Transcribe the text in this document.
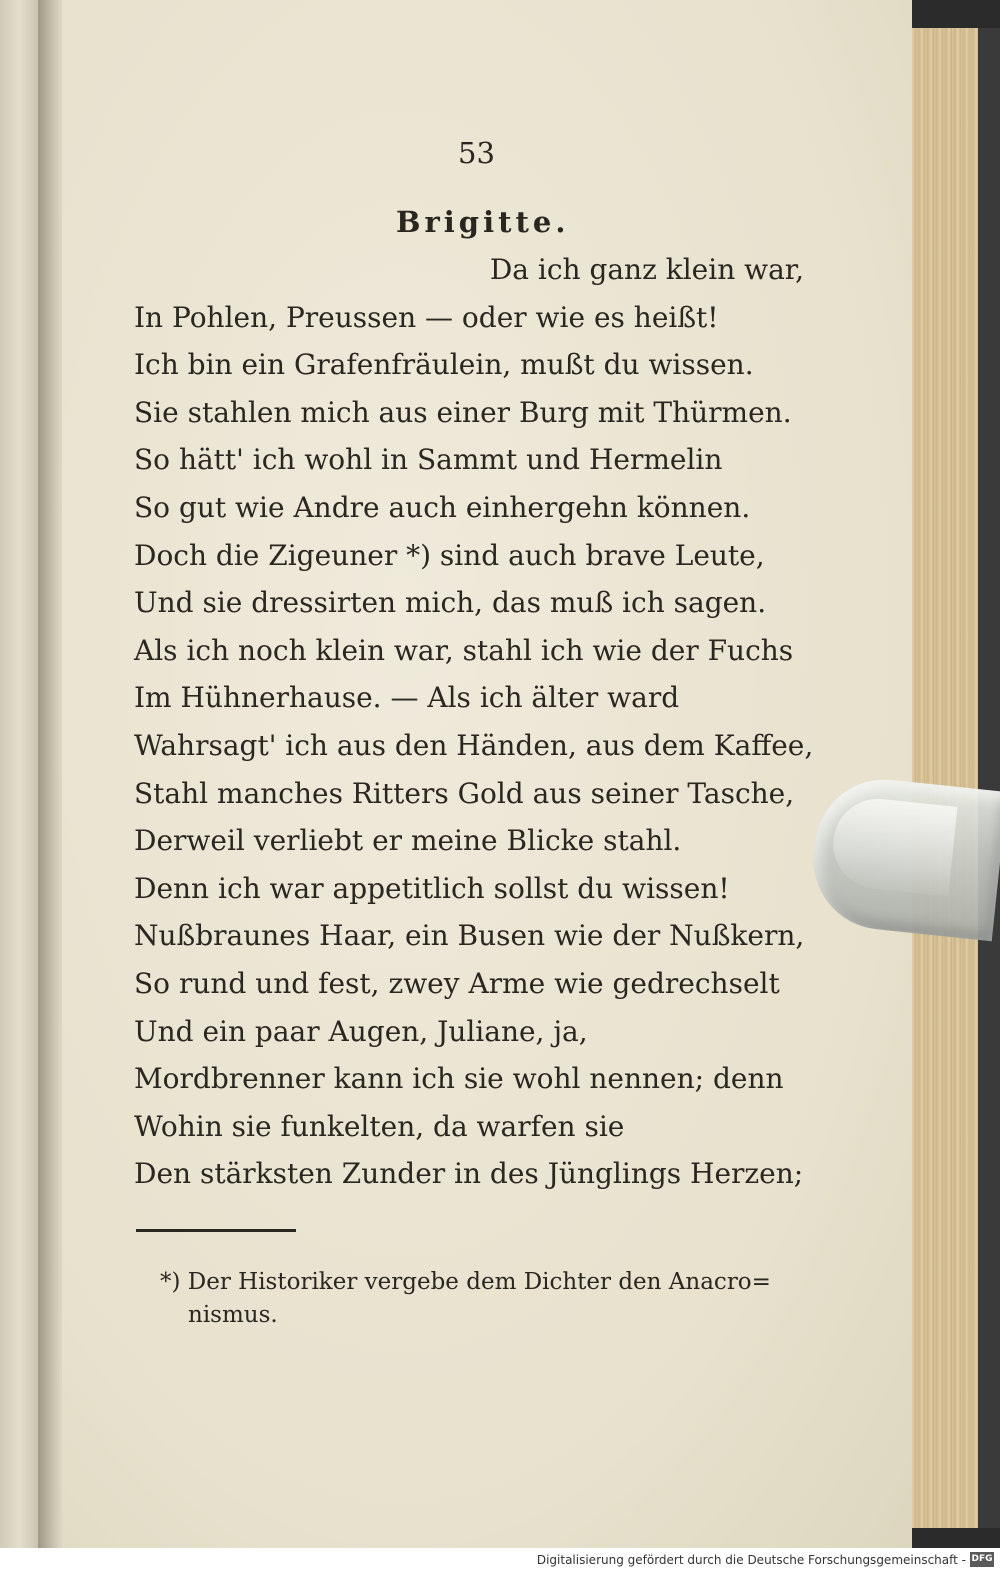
53
Brigitte.
Da ich ganz klein war,
In Pohlen, Preussen — oder wie es heißt!
Ich bin ein Grafenfräulein, mußt du wissen.
Sie stahlen mich aus einer Burg mit Thürmen.
So hätt' ich wohl in Sammt und Hermelin
So gut wie Andre auch einhergehn können.
Doch die Zigeuner *) sind auch brave Leute,
Und sie dressirten mich, das muß ich sagen.
Als ich noch klein war, stahl ich wie der Fuchs
Im Hühnerhause. — Als ich älter ward
Wahrsagt' ich aus den Händen, aus dem Kaffee,
Stahl manches Ritters Gold aus seiner Tasche,
Derweil verliebt er meine Blicke stahl.
Denn ich war appetitlich sollst du wissen!
Nußbraunes Haar, ein Busen wie der Nußkern,
So rund und fest, zwey Arme wie gedrechselt
Und ein paar Augen, Juliane, ja,
Mordbrenner kann ich sie wohl nennen; denn
Wohin sie funkelten, da warfen sie
Den stärksten Zunder in des Jünglings Herzen;
*) Der Historiker vergebe dem Dichter den Anacro=
nismus.
Digitalisierung gefördert durch die Deutsche Forschungsgemeinschaft - DFG
